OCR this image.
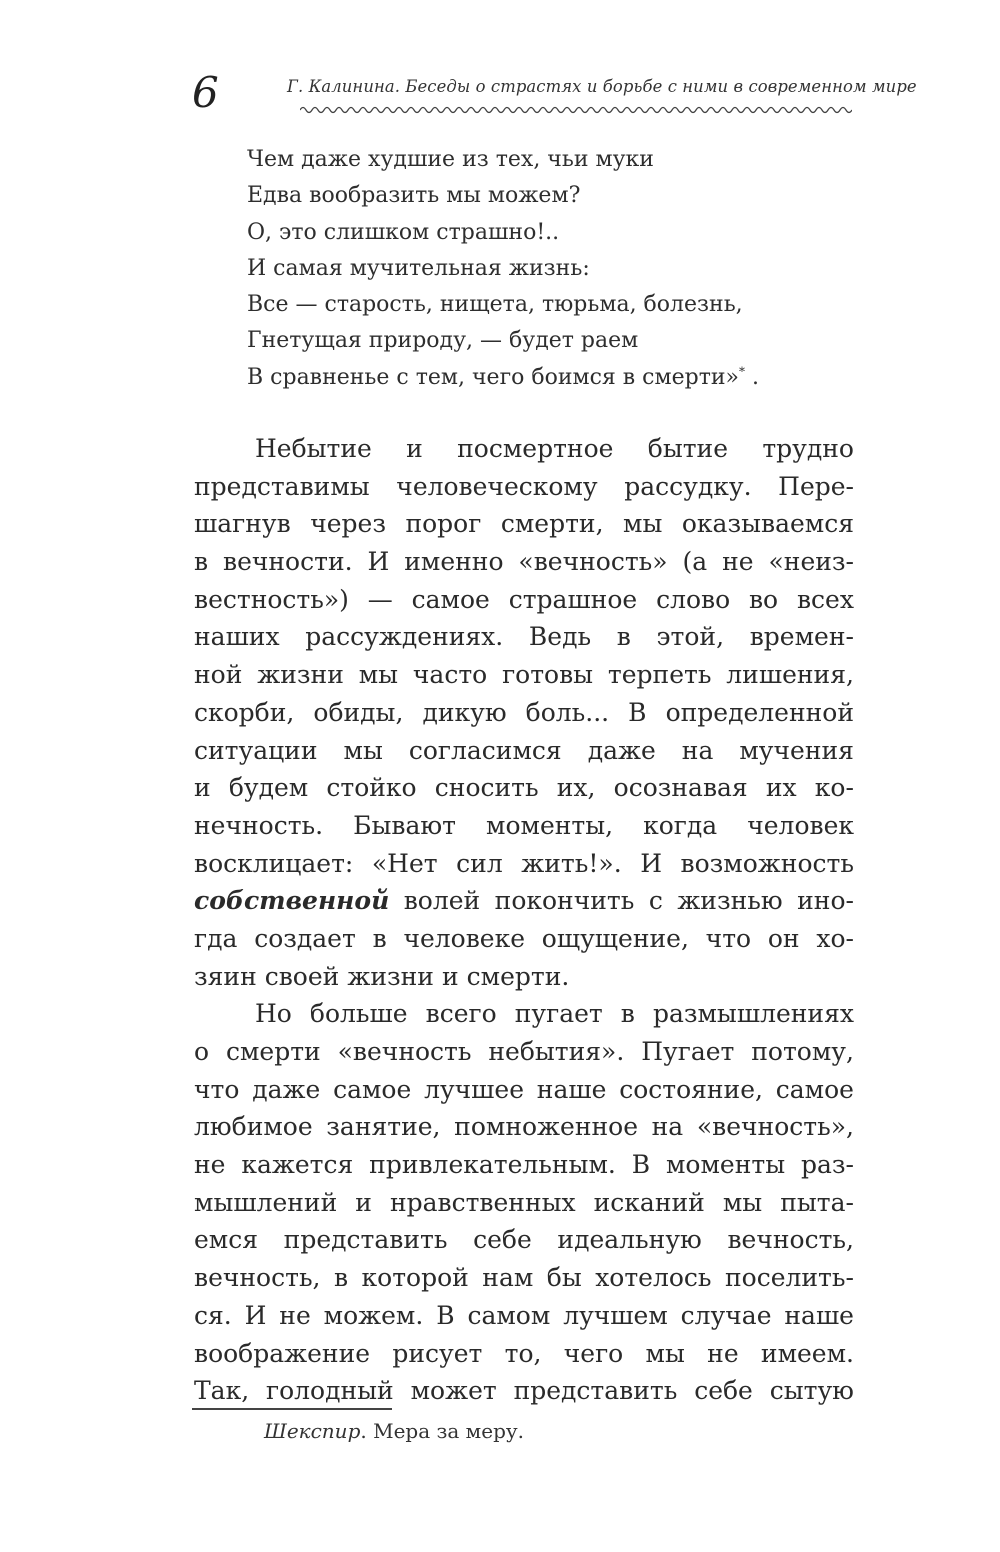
6	Г. Калинина. Беседы о страстях и борьбе с ними в современном мире
Чем даже худшие из тех, чьи муки
Едва вообразить мы можем?
О, это слишком страшно!..
И самая мучительная жизнь:
Все — старость, нищета, тюрьма, болезнь,
Гнетущая природу, — будет раем
В сравненье с тем, чего боимся в смерти»* .
Небытие и посмертное бытие трудно
представимы человеческому рассудку. Пере-
шагнув через порог смерти, мы оказываемся
в вечности. И именно «вечность» (а не «неиз-
вестность») — самое страшное слово во всех
наших рассуждениях. Ведь в этой, времен-
ной жизни мы часто готовы терпеть лишения,
скорби, обиды, дикую боль... В определенной
ситуации мы согласимся даже на мучения
и будем стойко сносить их, осознавая их ко-
нечность. Бывают моменты, когда человек
восклицает: «Нет сил жить!». И возможность
собственной волей покончить с жизнью ино-
гда создает в человеке ощущение, что он хо-
зяин своей жизни и смерти.
Но больше всего пугает в размышлениях
о смерти «вечность небытия». Пугает потому,
что даже самое лучшее наше состояние, самое
любимое занятие, помноженное на «вечность»,
не кажется привлекательным. В моменты раз-
мышлений и нравственных исканий мы пыта-
емся представить себе идеальную вечность,
вечность, в которой нам бы хотелось поселить-
ся. И не можем. В самом лучшем случае наше
воображение рисует то, чего мы не имеем.
Так, голодный может представить себе сытую
Шекспир. Мера за меру.
